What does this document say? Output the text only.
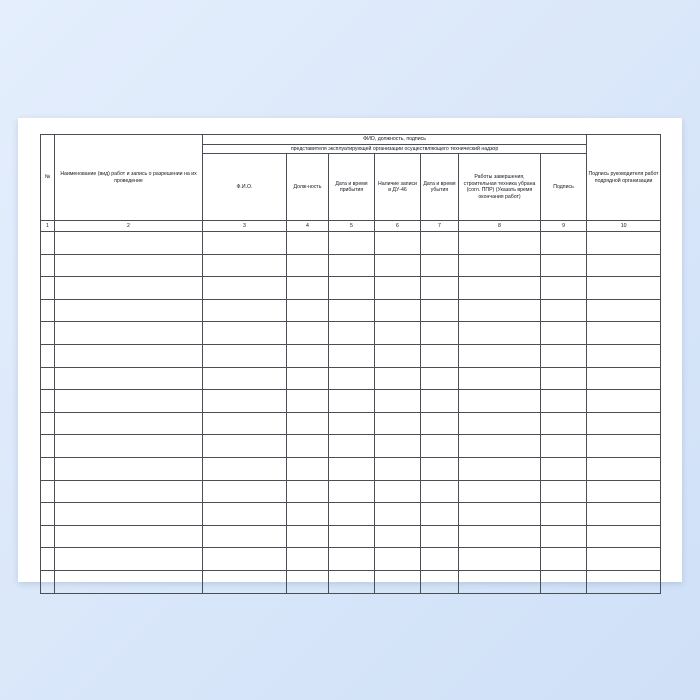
№	Наименование (вид) работ и запись о разрешении на их проведение	ФИО, должность, подпись							Подпись руководителя работ подрядной организации
		представителя эксплуатирующей организации осуществляющего технический надзор							
		Ф.И.О.	Долж-ность	Дата и время прибытия	Наличие записи в ДУ-46	Дата и время убытия	Работы завершения, строительная техника убрана (согл. ППР) (Указать время окончания работ)	Подпись	
1	2	3	4	5	6	7	8	9	10
